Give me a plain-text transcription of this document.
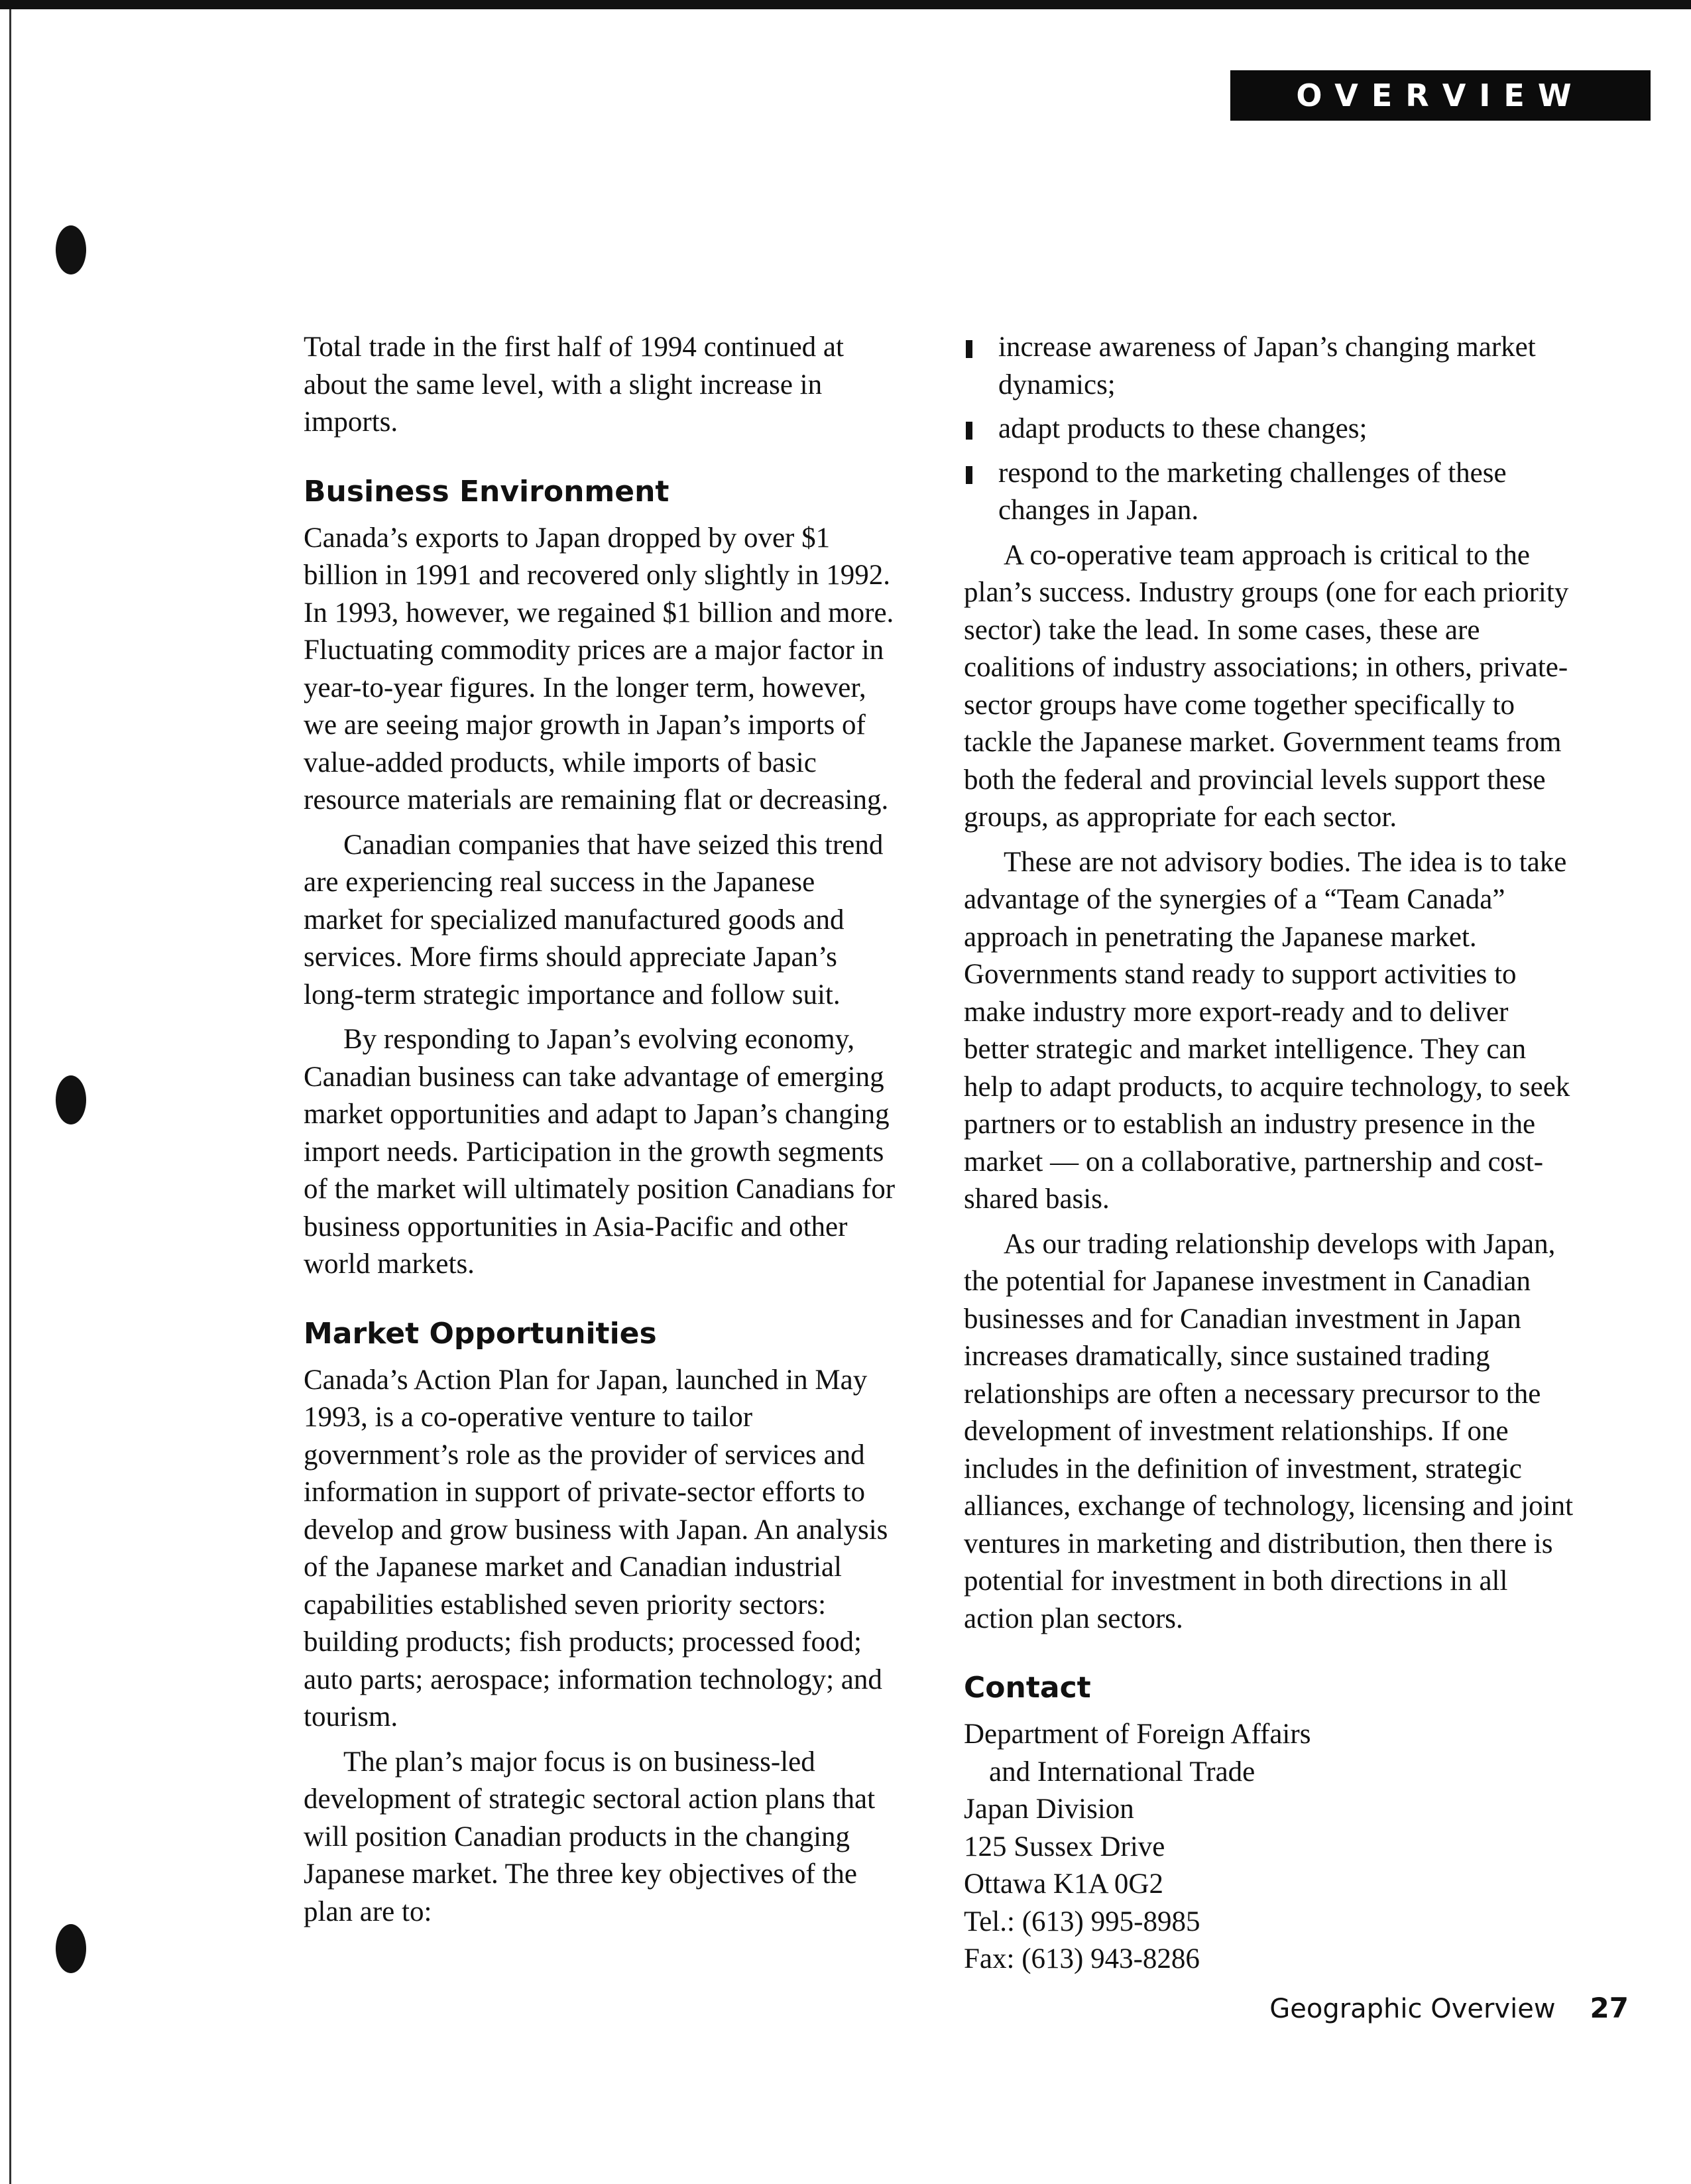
OVERVIEW

Total trade in the first half of 1994 continued at about the same level, with a slight increase in imports.

Business Environment

Canada’s exports to Japan dropped by over $1 billion in 1991 and recovered only slightly in 1992. In 1993, however, we regained $1 billion and more. Fluctuating commodity prices are a major factor in year-to-year figures. In the longer term, however, we are seeing major growth in Japan’s imports of value-added products, while imports of basic resource materials are remaining flat or decreasing.

Canadian companies that have seized this trend are experiencing real success in the Japanese market for specialized manufactured goods and services. More firms should appreciate Japan’s long-term strategic importance and follow suit.

By responding to Japan’s evolving economy, Canadian business can take advantage of emerging market opportunities and adapt to Japan’s changing import needs. Participation in the growth segments of the market will ultimately position Canadians for business opportunities in Asia-Pacific and other world markets.

Market Opportunities

Canada’s Action Plan for Japan, launched in May 1993, is a co-operative venture to tailor government’s role as the provider of services and information in support of private-sector efforts to develop and grow business with Japan. An analysis of the Japanese market and Canadian industrial capabilities established seven priority sectors: building products; fish products; processed food; auto parts; aerospace; information technology; and tourism.

The plan’s major focus is on business-led development of strategic sectoral action plans that will position Canadian products in the changing Japanese market. The three key objectives of the plan are to:

increase awareness of Japan’s changing market dynamics;
adapt products to these changes;
respond to the marketing challenges of these changes in Japan.

A co-operative team approach is critical to the plan’s success. Industry groups (one for each priority sector) take the lead. In some cases, these are coalitions of industry associations; in others, private-sector groups have come together specifically to tackle the Japanese market. Government teams from both the federal and provincial levels support these groups, as appropriate for each sector.

These are not advisory bodies. The idea is to take advantage of the synergies of a “Team Canada” approach in penetrating the Japanese market. Governments stand ready to support activities to make industry more export-ready and to deliver better strategic and market intelligence. They can help to adapt products, to acquire technology, to seek partners or to establish an industry presence in the market — on a collaborative, partnership and cost-shared basis.

As our trading relationship develops with Japan, the potential for Japanese investment in Canadian businesses and for Canadian investment in Japan increases dramatically, since sustained trading relationships are often a necessary precursor to the development of investment relationships. If one includes in the definition of investment, strategic alliances, exchange of technology, licensing and joint ventures in marketing and distribution, then there is potential for investment in both directions in all action plan sectors.

Contact
Department of Foreign Affairs
and International Trade
Japan Division
125 Sussex Drive
Ottawa K1A 0G2
Tel.: (613) 995-8985
Fax: (613) 943-8286
Geographic Overview 27
